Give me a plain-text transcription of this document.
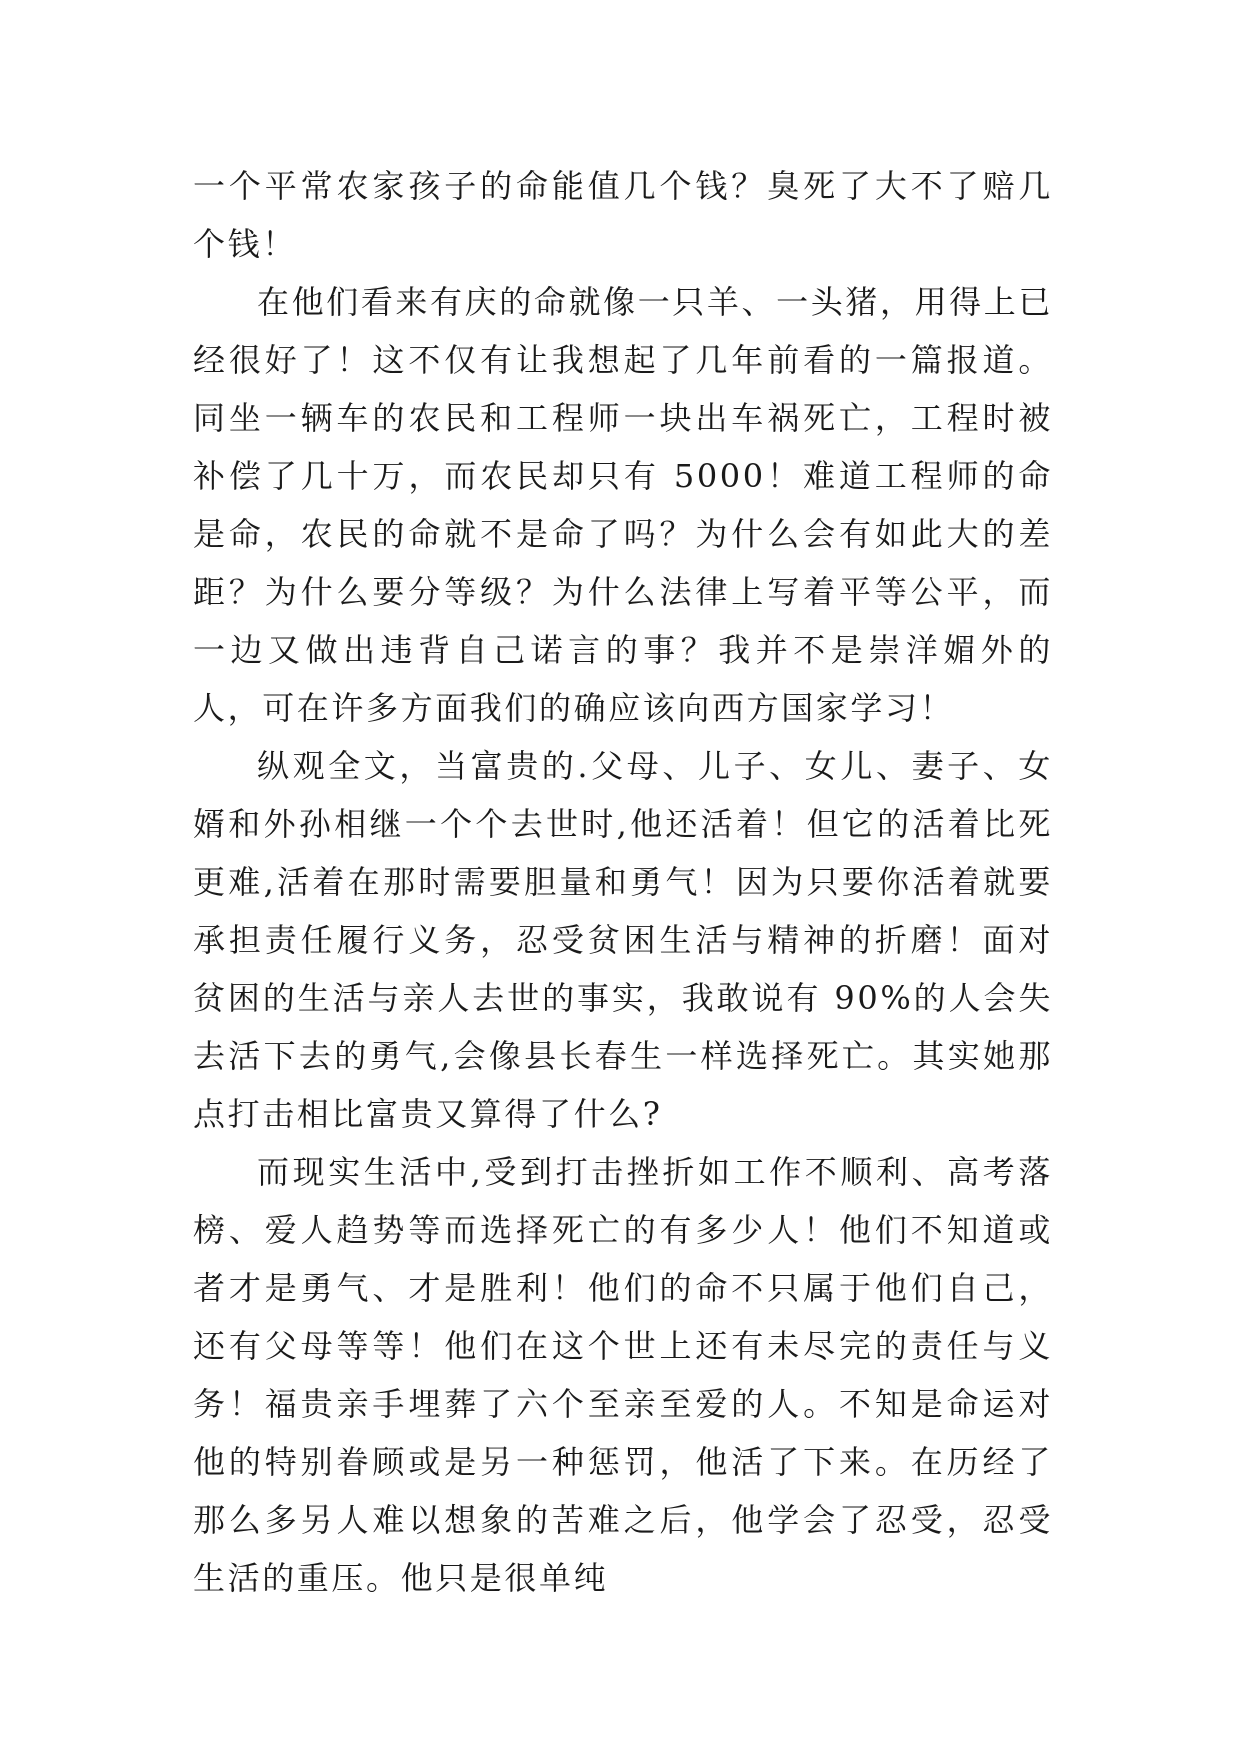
一个平常农家孩子的命能值几个钱？臭死了大不了赔几个钱！

在他们看来有庆的命就像一只羊、一头猪，用得上已经很好了！这不仅有让我想起了几年前看的一篇报道。同坐一辆车的农民和工程师一块出车祸死亡，工程时被补偿了几十万，而农民却只有 5000！难道工程师的命是命，农民的命就不是命了吗？为什么会有如此大的差距？为什么要分等级？为什么法律上写着平等公平，而一边又做出违背自己诺言的事？我并不是崇洋媚外的人，可在许多方面我们的确应该向西方国家学习！

纵观全文，当富贵的.父母、儿子、女儿、妻子、女婿和外孙相继一个个去世时,他还活着！但它的活着比死更难,活着在那时需要胆量和勇气！因为只要你活着就要承担责任履行义务，忍受贫困生活与精神的折磨！面对贫困的生活与亲人去世的事实，我敢说有 90%的人会失去活下去的勇气,会像县长春生一样选择死亡。其实她那点打击相比富贵又算得了什么?

而现实生活中,受到打击挫折如工作不顺利、高考落榜、爱人趋势等而选择死亡的有多少人！他们不知道或者才是勇气、才是胜利！他们的命不只属于他们自己，还有父母等等！他们在这个世上还有未尽完的责任与义务！福贵亲手埋葬了六个至亲至爱的人。不知是命运对他的特别眷顾或是另一种惩罚，他活了下来。在历经了那么多另人难以想象的苦难之后，他学会了忍受，忍受生活的重压。他只是很单纯
